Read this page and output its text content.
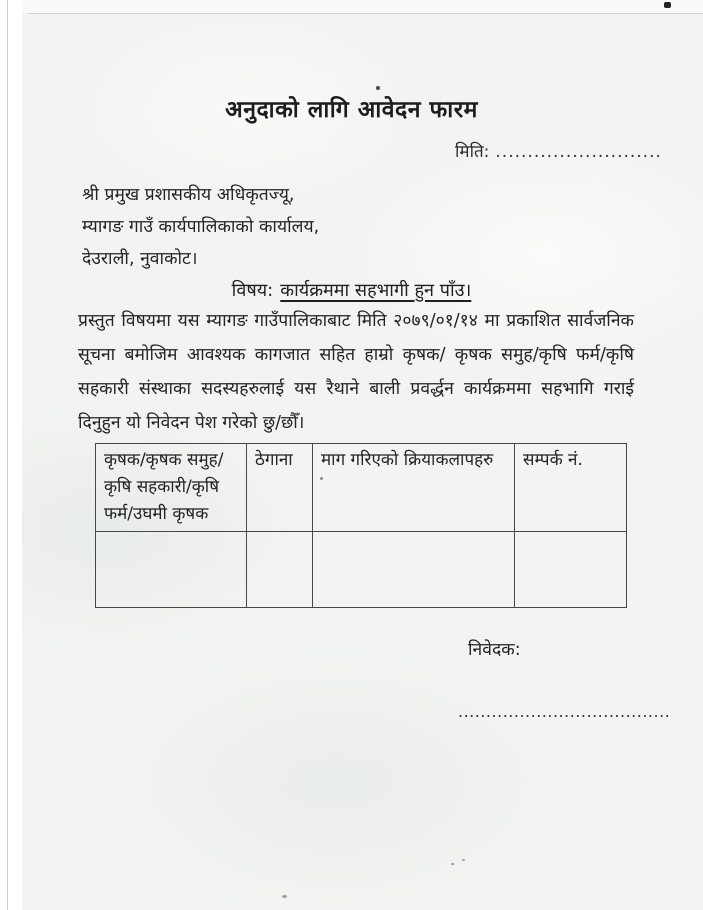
अनुदाको लागि आवेदन फारम
मिति: ..........................
श्री प्रमुख प्रशासकीय अधिकृतज्यू,
म्यागङ गाउँ कार्यपालिकाको कार्यालय,
देउराली, नुवाकोट।
विषय: कार्यक्रममा सहभागी हुन पाँउ।

प्रस्तुत विषयमा यस म्यागङ गाउँपालिकाबाट मिति २०७९/०१/१४ मा प्रकाशित सार्वजनिक सूचना बमोजिम आवश्यक कागजात सहित हाम्रो कृषक/ कृषक समुह/कृषि फर्म/कृषि सहकारी संस्थाका सदस्यहरुलाई यस रैथाने बाली प्रवर्द्धन कार्यक्रममा सहभागि गराई दिनुहुन यो निवेदन पेश गरेको छु/छौँ।

कृषक/कृषक समुह/कृषि सहकारी/कृषि फर्म/उघमी कृषक	ठेगाना	माग गरिएको क्रियाकलापहरु	सम्पर्क नं.

निवेदक:
......................................
